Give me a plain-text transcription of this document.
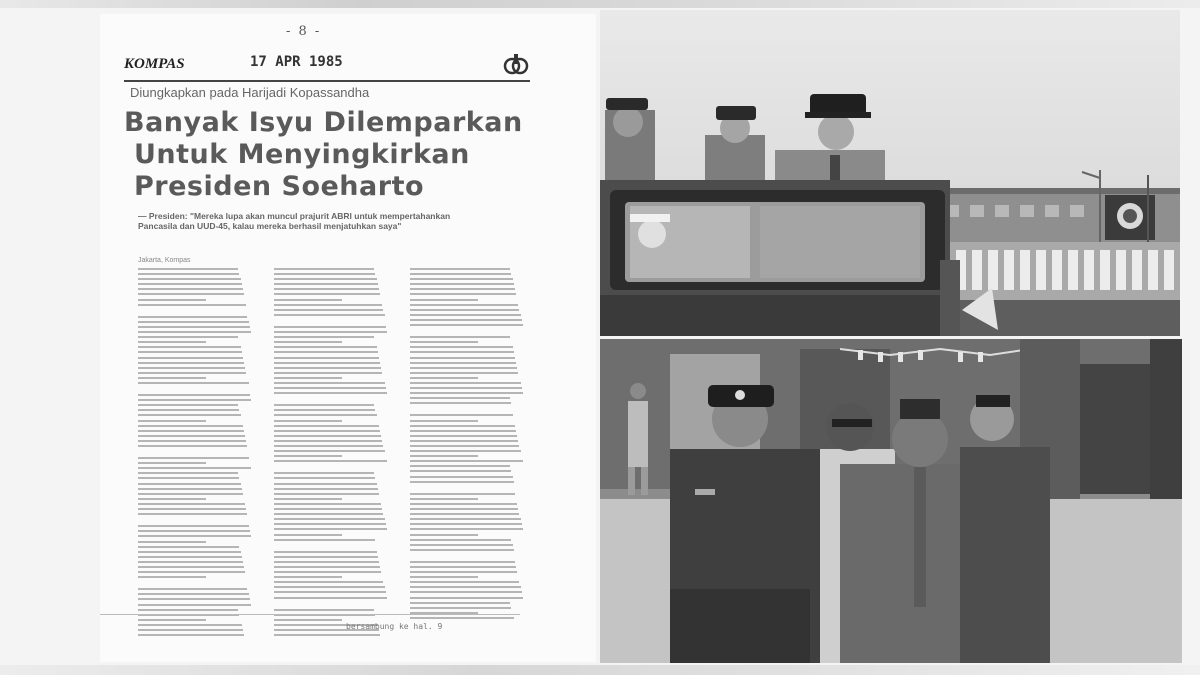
- 8 -
KOMPAS	17 APR 1985
Diungkapkan pada Harijadi Kopassandha
Banyak Isyu Dilemparkan
Untuk Menyingkirkan
Presiden Soeharto
— Presiden: "Mereka lupa akan muncul prajurit ABRI untuk mempertahankan Pancasila dan UUD-45, kalau mereka berhasil menjatuhkan saya"
Jakarta, Kompas
bersambung ke hal. 9
